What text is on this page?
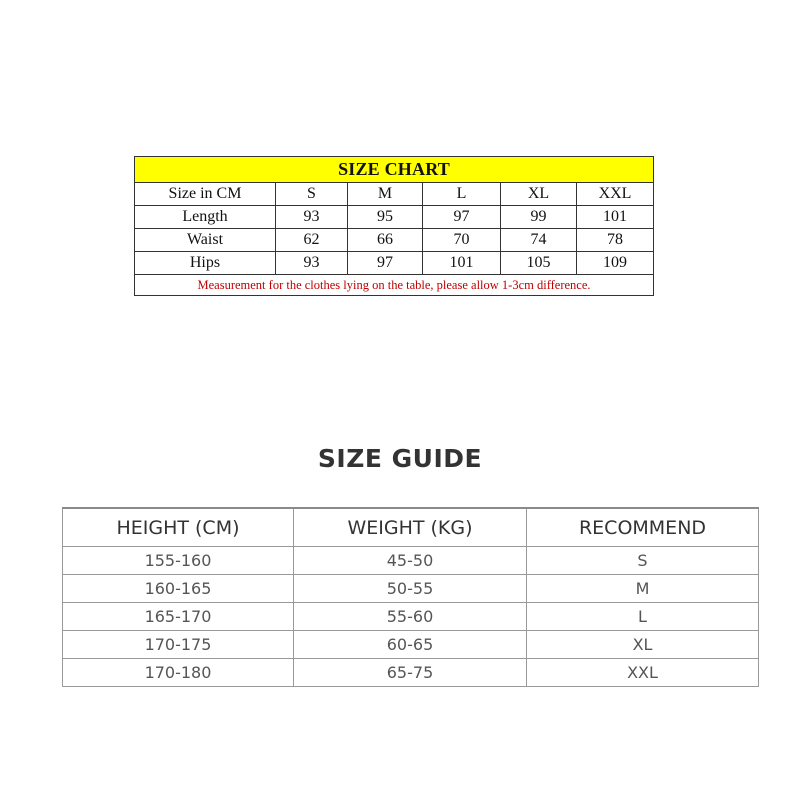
SIZE CHART					
Size in CM	S	M	L	XL	XXL
Length	93	95	97	99	101
Waist	62	66	70	74	78
Hips	93	97	101	105	109
Measurement for the clothes lying on the table, please allow 1-3cm difference.					
SIZE GUIDE
HEIGHT (CM)	WEIGHT (KG)	RECOMMEND
155-160	45-50	S
160-165	50-55	M
165-170	55-60	L
170-175	60-65	XL
170-180	65-75	XXL
